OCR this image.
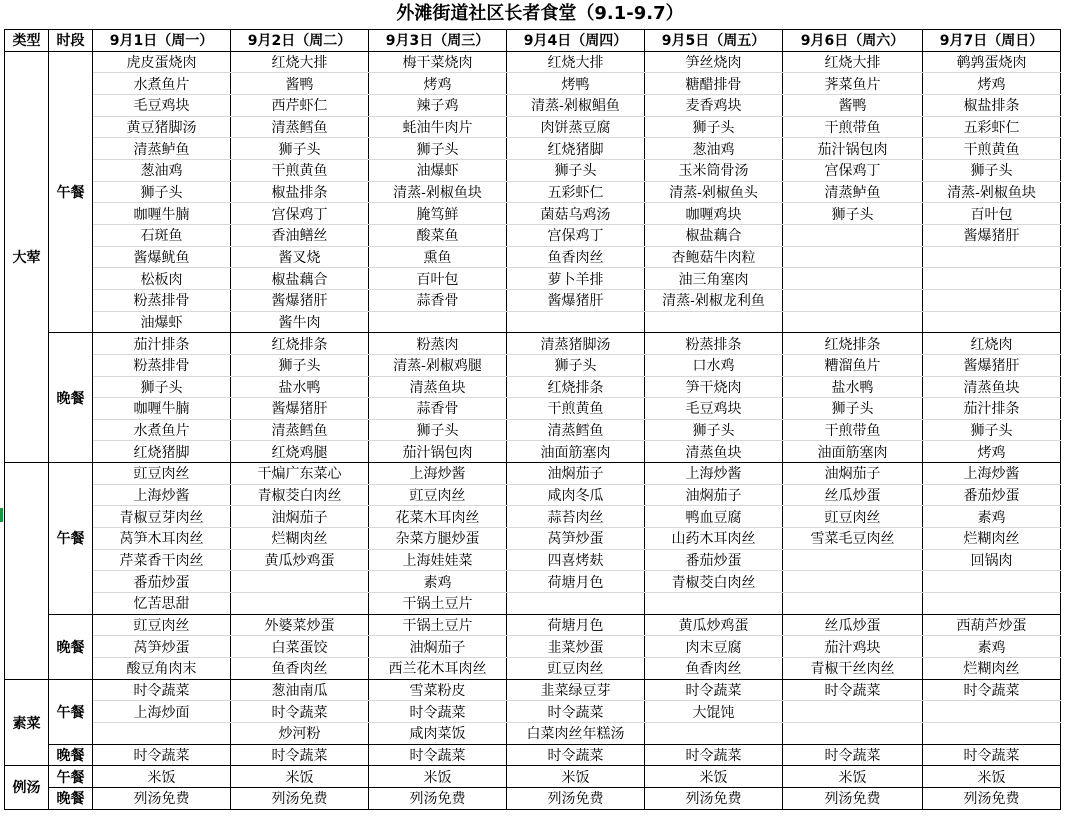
外滩街道社区长者食堂（9.1-9.7）
类型	时段	9月1日（周一）	9月2日（周二）	9月3日（周三）	9月4日（周四）	9月5日（周五）	9月6日（周六）	9月7日（周日）
大荤	午餐	虎皮蛋烧肉	红烧大排	梅干菜烧肉	红烧大排	笋丝烧肉	红烧大排	鹌鹑蛋烧肉
		水煮鱼片	酱鸭	烤鸡	烤鸭	糖醋排骨	荠菜鱼片	烤鸡
		毛豆鸡块	西芹虾仁	辣子鸡	清蒸-剁椒鲳鱼	麦香鸡块	酱鸭	椒盐排条
		黄豆猪脚汤	清蒸鳕鱼	蚝油牛肉片	肉饼蒸豆腐	狮子头	干煎带鱼	五彩虾仁
		清蒸鲈鱼	狮子头	狮子头	红烧猪脚	葱油鸡	茄汁锅包肉	干煎黄鱼
		葱油鸡	干煎黄鱼	油爆虾	狮子头	玉米筒骨汤	宫保鸡丁	狮子头
		狮子头	椒盐排条	清蒸-剁椒鱼块	五彩虾仁	清蒸-剁椒鱼头	清蒸鲈鱼	清蒸-剁椒鱼块
		咖喱牛腩	宫保鸡丁	腌笃鲜	菌菇乌鸡汤	咖喱鸡块	狮子头	百叶包
		石斑鱼	香油鳝丝	酸菜鱼	宫保鸡丁	椒盐藕合		酱爆猪肝
		酱爆鱿鱼	酱叉烧	熏鱼	鱼香肉丝	杏鲍菇牛肉粒		
		松板肉	椒盐藕合	百叶包	萝卜羊排	油三角塞肉		
		粉蒸排骨	酱爆猪肝	蒜香骨	酱爆猪肝	清蒸-剁椒龙利鱼		
		油爆虾	酱牛肉					
	晚餐	茄汁排条	红烧排条	粉蒸肉	清蒸猪脚汤	粉蒸排条	红烧排条	红烧肉
		粉蒸排骨	狮子头	清蒸-剁椒鸡腿	狮子头	口水鸡	糟溜鱼片	酱爆猪肝
		狮子头	盐水鸭	清蒸鱼块	红烧排条	笋干烧肉	盐水鸭	清蒸鱼块
		咖喱牛腩	酱爆猪肝	蒜香骨	干煎黄鱼	毛豆鸡块	狮子头	茄汁排条
		水煮鱼片	清蒸鳕鱼	狮子头	清蒸鳕鱼	狮子头	干煎带鱼	狮子头
		红烧猪脚	红烧鸡腿	茄汁锅包肉	油面筋塞肉	清蒸鱼块	油面筋塞肉	烤鸡
	午餐	豇豆肉丝	干煸广东菜心	上海炒酱	油焖茄子	上海炒酱	油焖茄子	上海炒酱
		上海炒酱	青椒茭白肉丝	豇豆肉丝	咸肉冬瓜	油焖茄子	丝瓜炒蛋	番茄炒蛋
		青椒豆芽肉丝	油焖茄子	花菜木耳肉丝	蒜苔肉丝	鸭血豆腐	豇豆肉丝	素鸡
		莴笋木耳肉丝	烂糊肉丝	杂菜方腿炒蛋	莴笋炒蛋	山药木耳肉丝	雪菜毛豆肉丝	烂糊肉丝
		芹菜香干肉丝	黄瓜炒鸡蛋	上海娃娃菜	四喜烤麸	番茄炒蛋		回锅肉
		番茄炒蛋		素鸡	荷塘月色	青椒茭白肉丝		
		忆苦思甜		干锅土豆片				
	晚餐	豇豆肉丝	外婆菜炒蛋	干锅土豆片	荷塘月色	黄瓜炒鸡蛋	丝瓜炒蛋	西葫芦炒蛋
		莴笋炒蛋	白菜蛋饺	油焖茄子	韭菜炒蛋	肉末豆腐	茄汁鸡块	素鸡
		酸豆角肉末	鱼香肉丝	西兰花木耳肉丝	豇豆肉丝	鱼香肉丝	青椒干丝肉丝	烂糊肉丝
素菜	午餐	时令蔬菜	葱油南瓜	雪菜粉皮	韭菜绿豆芽	时令蔬菜	时令蔬菜	时令蔬菜
		上海炒面	时令蔬菜	时令蔬菜	时令蔬菜	大馄饨		
			炒河粉	咸肉菜饭	白菜肉丝年糕汤			
	晚餐	时令蔬菜	时令蔬菜	时令蔬菜	时令蔬菜	时令蔬菜	时令蔬菜	时令蔬菜
例汤	午餐	米饭	米饭	米饭	米饭	米饭	米饭	米饭
	晚餐	列汤免费	列汤免费	列汤免费	列汤免费	列汤免费	列汤免费	列汤免费
